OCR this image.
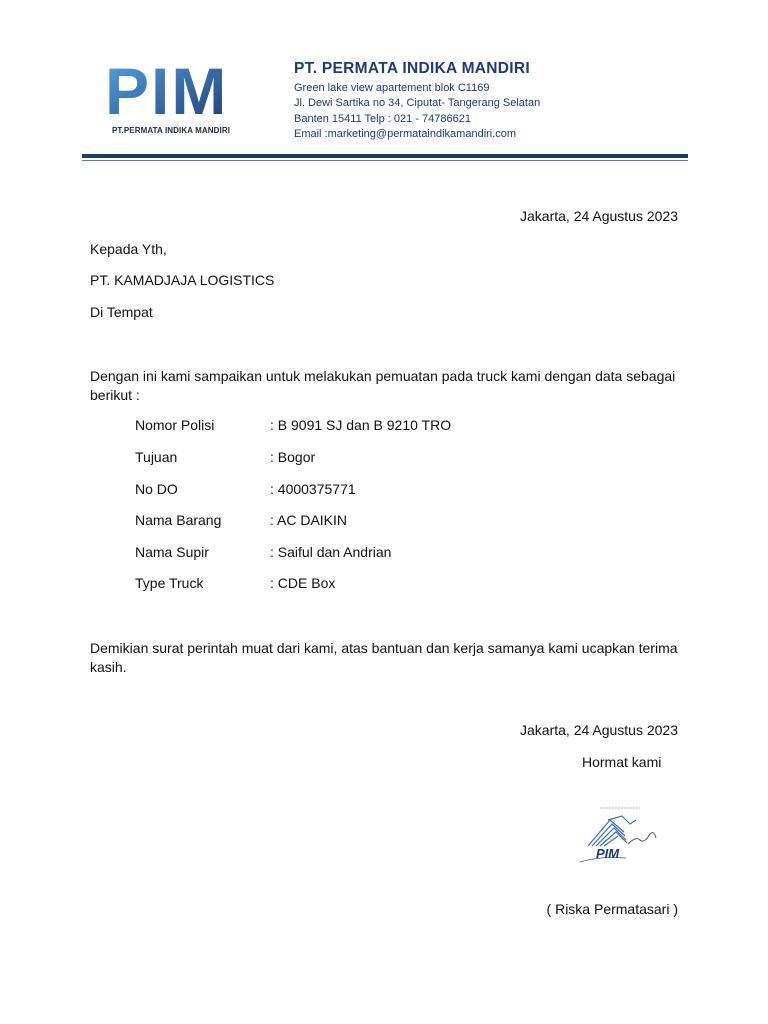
PIM
PT.PERMATA INDIKA MANDIRI
PT. PERMATA INDIKA MANDIRI
Green lake view apartement blok C1169
Jl. Dewi Sartika no 34, Ciputat- Tangerang Selatan
Banten 15411 Telp : 021 - 74786621
Email :marketing@permataindikamandiri.com
Jakarta, 24 Agustus 2023
Kepada Yth,
PT. KAMADJAJA LOGISTICS
Di Tempat
Dengan ini kami sampaikan untuk melakukan pemuatan pada truck kami dengan data sebagai berikut :
Nomor Polisi	: B 9091 SJ dan B 9210 TRO
Tujuan	: Bogor
No DO	: 4000375771
Nama Barang	: AC DAIKIN
Nama Supir	: Saiful dan Andrian
Type Truck	: CDE Box
Demikian surat perintah muat dari kami, atas bantuan dan kerja samanya kami ucapkan terima kasih.
Jakarta, 24 Agustus 2023
Hormat kami
PIM
( Riska Permatasari )
